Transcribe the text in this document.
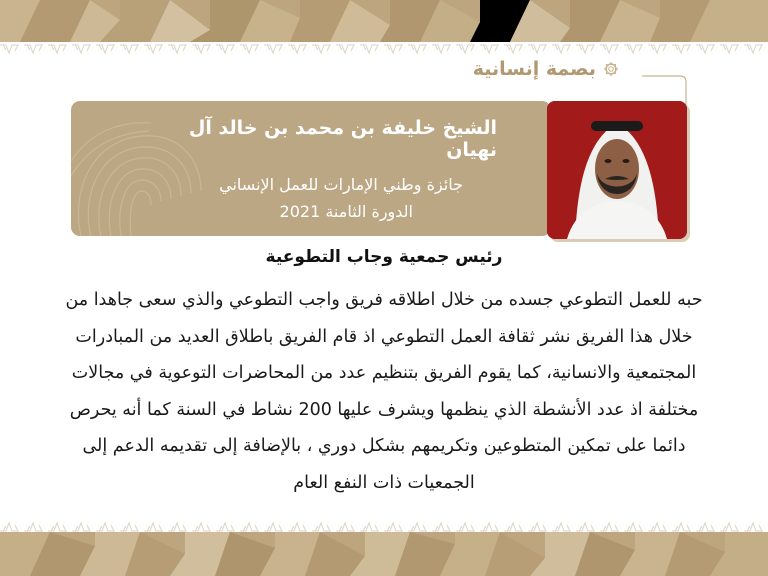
بصمة إنسانية
الشيخ خليفة بن محمد بن خالد آل نهيان
جائزة وطني الإمارات للعمل الإنساني
الدورة الثامنة 2021
رئيس جمعية وجاب التطوعية
حبه للعمل التطوعي جسده من خلال اطلاقه فريق واجب التطوعي والذي سعى جاهدا من
خلال هذا الفريق نشر ثقافة العمل التطوعي اذ قام الفريق باطلاق العديد من المبادرات
المجتمعية والانسانية، كما يقوم الفريق بتنظيم عدد من المحاضرات التوعوية في مجالات
مختلفة اذ عدد الأنشطة الذي ينظمها ويشرف عليها 200 نشاط في السنة كما أنه يحرص
دائما على تمكين المتطوعين وتكريمهم بشكل دوري ، بالإضافة إلى تقديمه الدعم إلى
الجمعيات ذات النفع العام
